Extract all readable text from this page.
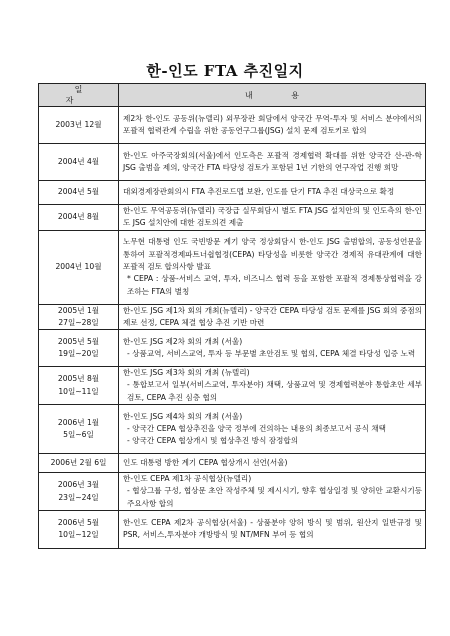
한-인도 FTA 추진일지
일 자	내 용

2003년 12월	제2차 한-인도 공동위(뉴델리) 외무장관 회담에서 양국간 무역-투자 및 서비스 분야에서의 포괄적 협력관계 수립을 위한 공동연구그룹(JSG) 설치 문제 검토키로 합의

2004년 4월	한-인도 아주국장회의(서울)에서 인도측은 포괄적 경제협력 확대를 위한 양국간 산-관-학 JSG 출범을 제의, 양국간 FTA 타당성 검토가 포함된 1년 기한의 연구작업 진행 희망

2004년 5월	대외경제장관회의시 FTA 추진로드맵 보완, 인도를 단기 FTA 추진 대상국으로 확정

2004년 8월	한-인도 무역공동위(뉴델리) 국장급 실무회담시 별도 FTA JSG 설치안의 및 인도측의 한-인도 JSG 설치안에 대한 검토의견 제출

2004년 10월	노무현 대통령 인도 국빈방문 계기 양국 정상회담시 한-인도 JSG 출범합의, 공동성언문을 통하여 포괄적경제파트너쉽협정(CEPA) 타당성을 비롯한 양국간 경제적 유대관계에 대한 포괄적 검토 합의사항 발표
* CEPA : 상품-서비스 교역, 투자, 비즈니스 협력 등을 포함한 포괄적 경제통상협력을 강조하는 FTA의 별칭

2005년 1월
27일~28일	한-인도 JSG 제1차 회의 개최(뉴델리) - 양국간 CEPA 타당성 검토 문제를 JSG 회의 중점의제로 선정, CEPA 체결 협상 추진 기반 마련

2005년 5월
19일~20일	한-인도 JSG 제2차 회의 개최 (서울)
- 상품교역, 서비스교역, 투자 등 부문별 초안검토 및 협의, CEPA 체결 타당성 입증 노력

2005년 8월
10일~11일	한-인도 JSG 제3차 회의 개최 (뉴델리)
- 통합보고서 일부(서비스교역, 투자분야) 채택, 상품교역 및 경제협력분야 통합초안 세부 검토, CEPA 추진 심층 협의

2006년 1월
5일~6일	한-인도 JSG 제4차 회의 개최 (서울)
- 양국간 CEPA 협상추진을 양국 정부에 건의하는 내용의 최종보고서 공식 채택
- 양국간 CEPA 협상개시 및 협상추진 방식 잠정합의

2006년 2월 6일	인도 대통령 방한 계기 CEPA 협상개시 선언(서울)

2006년 3월
23일~24일	한-인도 CEPA 제1차 공식협상(뉴델리)
- 협상그룹 구성, 협상문 초안 작성주체 및 제시시기, 향후 협상일정 및 양허안 교환시기등 주요사항 합의

2006년 5월
10일~12일	한-인도 CEPA 제2차 공식협상(서울) - 상품분야 양허 방식 및 범위, 원산지 일반규정 및 PSR, 서비스,투자분야 개방방식 및 NT/MFN 부여 등 협의
